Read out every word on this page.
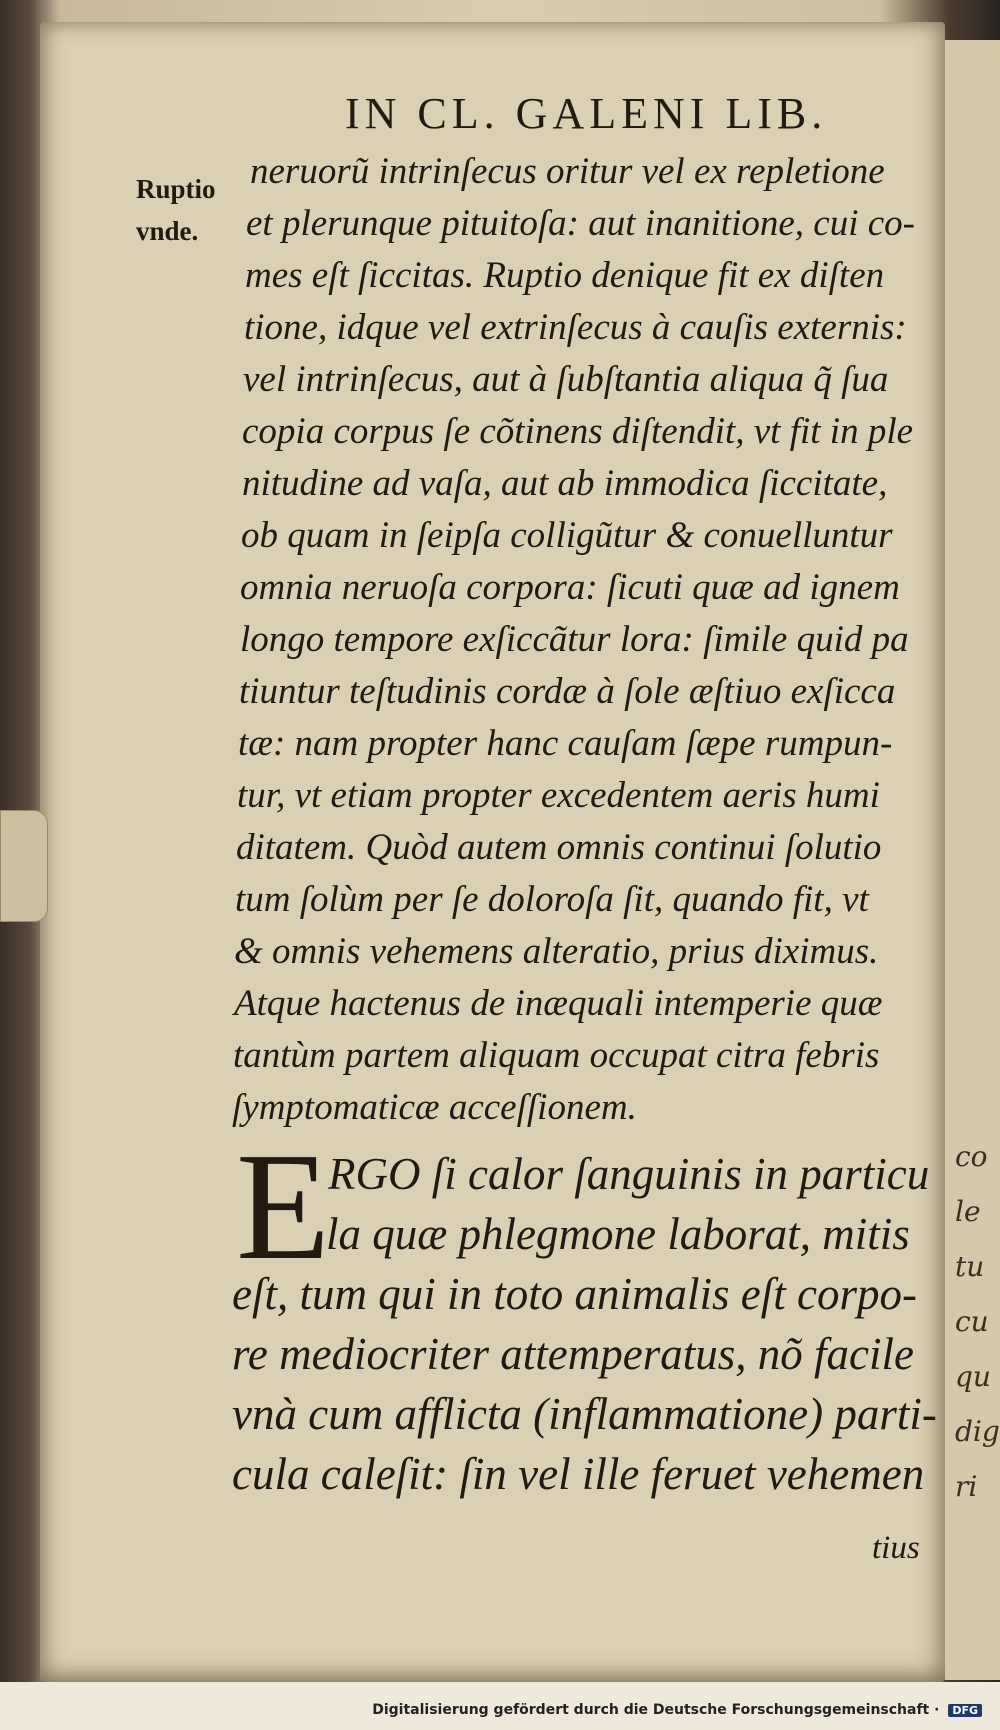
IN CL. GALENI LIB.
Ruptio
vnde.

neruorũ intrinſecus oritur vel ex repletione

et plerunque pituitoſa: aut inanitione, cui co-

mes eſt ſiccitas. Ruptio denique fit ex diſten

tione, idque vel extrinſecus à cauſis externis:

vel intrinſecus, aut à ſubſtantia aliqua q̃ ſua

copia corpus ſe cõtinens diſtendit, vt fit in ple

nitudine ad vaſa, aut ab immodica ſiccitate,

ob quam in ſeipſa colligũtur & conuelluntur

omnia neruoſa corpora: ſicuti quæ ad ignem

longo tempore exſiccãtur lora: ſimile quid pa

tiuntur teſtudinis cordæ à ſole æſtiuo exſicca

tæ: nam propter hanc cauſam ſæpe rumpun-

tur, vt etiam propter excedentem aeris humi

ditatem. Quòd autem omnis continui ſolutio

tum ſolùm per ſe doloroſa ſit, quando fit, vt

& omnis vehemens alteratio, prius diximus.

Atque hactenus de inæquali intemperie quæ

tantùm partem aliquam occupat citra febris

ſymptomaticæ acceſſionem.

E RGO ſi calor ſanguinis in particu

la quæ phlegmone laborat, mitis

eſt, tum qui in toto animalis eſt corpo-

re mediocriter attemperatus, nõ facile

vnà cum afflicta (inflammatione) parti-

cula caleſit: ſin vel ille feruet vehemen

tius
co
le
tu
cu
qu
dig
ri
Digitalisierung gefördert durch die Deutsche Forschungsgemeinschaft · DFG
